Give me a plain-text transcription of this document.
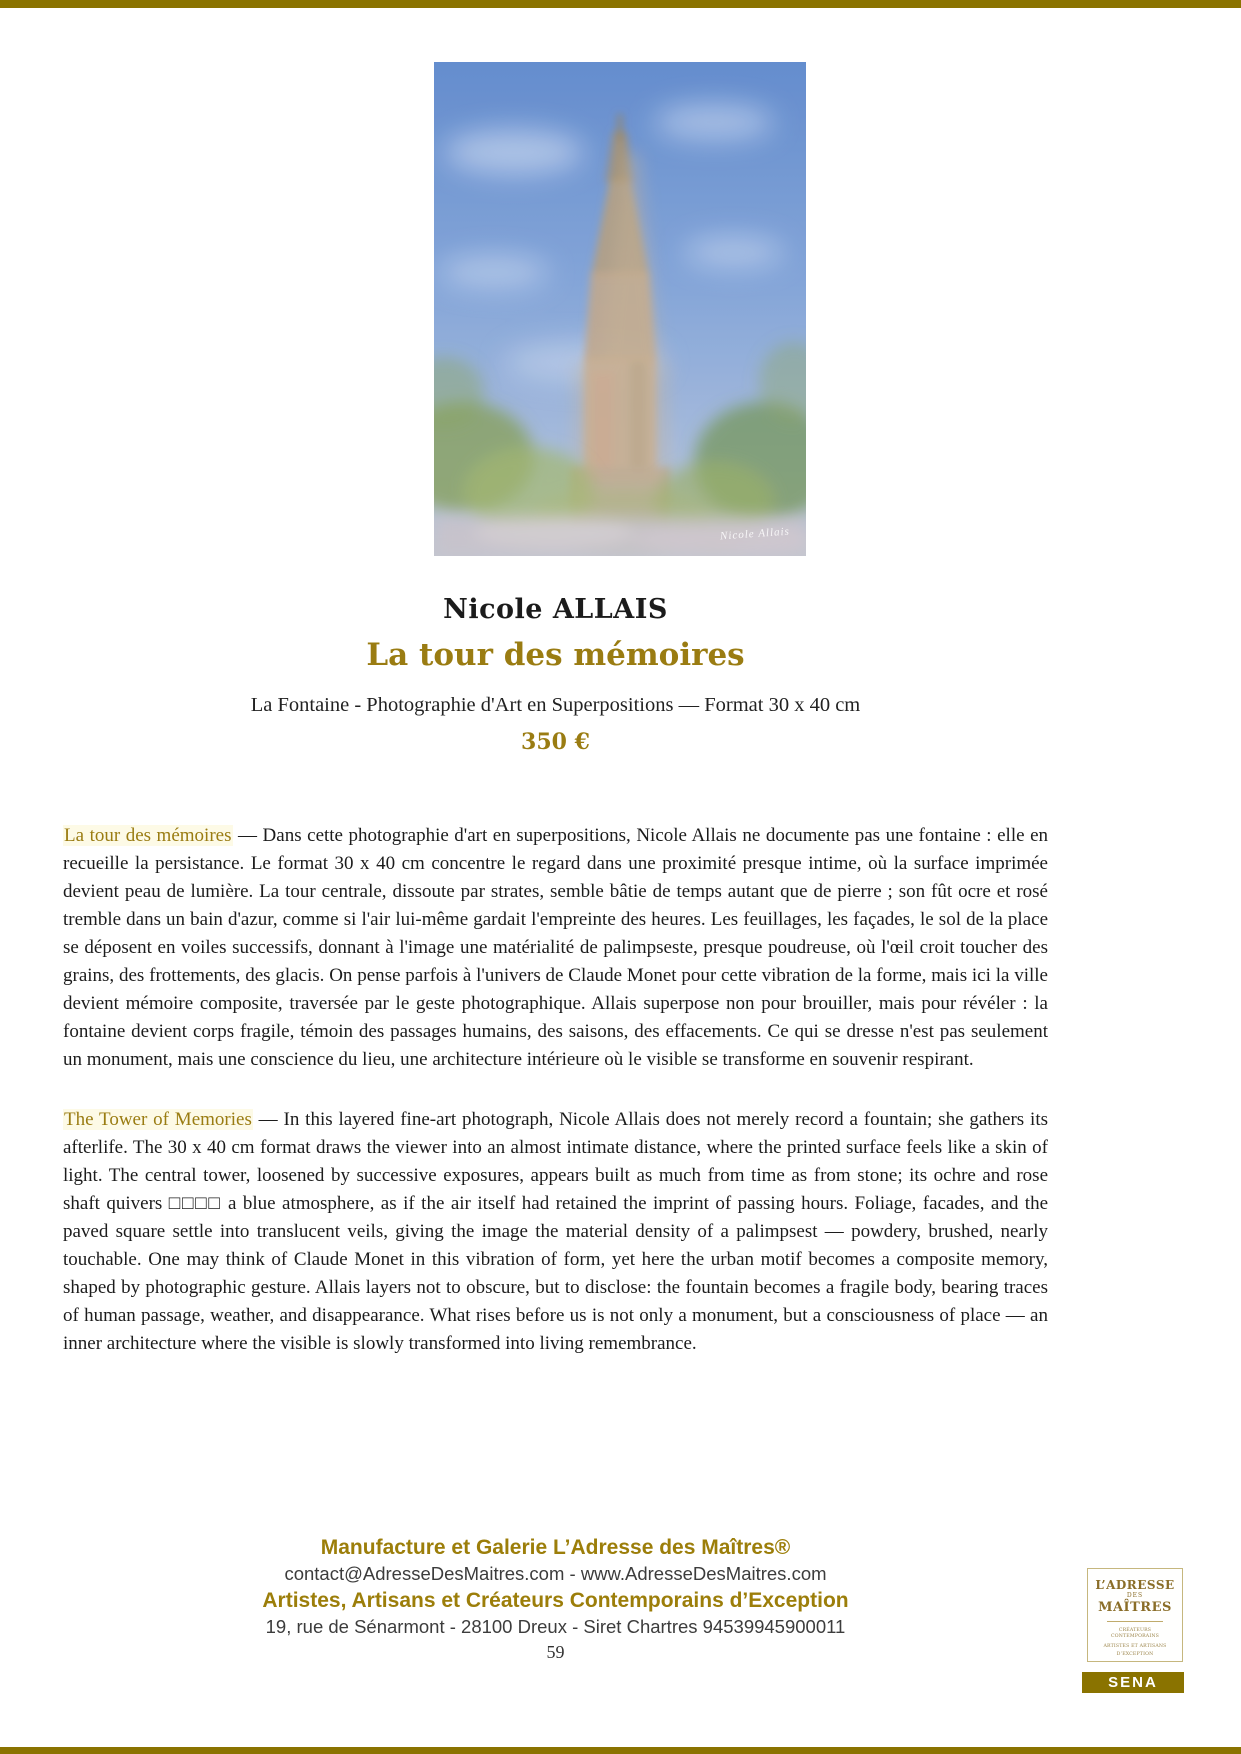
Nicole Allais
Nicole ALLAIS
La tour des mémoires
La Fontaine - Photographie d'Art en Superpositions — Format 30 x 40 cm
350 €

La tour des mémoires — Dans cette photographie d'art en superpositions, Nicole Allais ne documente pas une fontaine : elle en recueille la persistance. Le format 30 x 40 cm concentre le regard dans une proximité presque intime, où la surface imprimée devient peau de lumière. La tour centrale, dissoute par strates, semble bâtie de temps autant que de pierre ; son fût ocre et rosé tremble dans un bain d'azur, comme si l'air lui-même gardait l'empreinte des heures. Les feuillages, les façades, le sol de la place se déposent en voiles successifs, donnant à l'image une matérialité de palimpseste, presque poudreuse, où l'œil croit toucher des grains, des frottements, des glacis. On pense parfois à l'univers de Claude Monet pour cette vibration de la forme, mais ici la ville devient mémoire composite, traversée par le geste photographique. Allais superpose non pour brouiller, mais pour révéler : la fontaine devient corps fragile, témoin des passages humains, des saisons, des effacements. Ce qui se dresse n'est pas seulement un monument, mais une conscience du lieu, une architecture intérieure où le visible se transforme en souvenir respirant.

The Tower of Memories — In this layered fine-art photograph, Nicole Allais does not merely record a fountain; she gathers its afterlife. The 30 x 40 cm format draws the viewer into an almost intimate distance, where the printed surface feels like a skin of light. The central tower, loosened by successive exposures, appears built as much from time as from stone; its ochre and rose shaft quivers □□□□ a blue atmosphere, as if the air itself had retained the imprint of passing hours. Foliage, facades, and the paved square settle into translucent veils, giving the image the material density of a palimpsest — powdery, brushed, nearly touchable. One may think of Claude Monet in this vibration of form, yet here the urban motif becomes a composite memory, shaped by photographic gesture. Allais layers not to obscure, but to disclose: the fountain becomes a fragile body, bearing traces of human passage, weather, and disappearance. What rises before us is not only a monument, but a consciousness of place — an inner architecture where the visible is slowly transformed into living remembrance.

Manufacture et Galerie L’Adresse des Maîtres®
contact@AdresseDesMaitres.com - www.AdresseDesMaitres.com
Artistes, Artisans et Créateurs Contemporains d’Exception
19, rue de Sénarmont - 28100 Dreux - Siret Chartres 94539945900011
59
L’ADRESSE
DES
MAÎTRES
CRÉATEURS CONTEMPORAINS
ARTISTES ET ARTISANS
D’EXCEPTION
SENA
